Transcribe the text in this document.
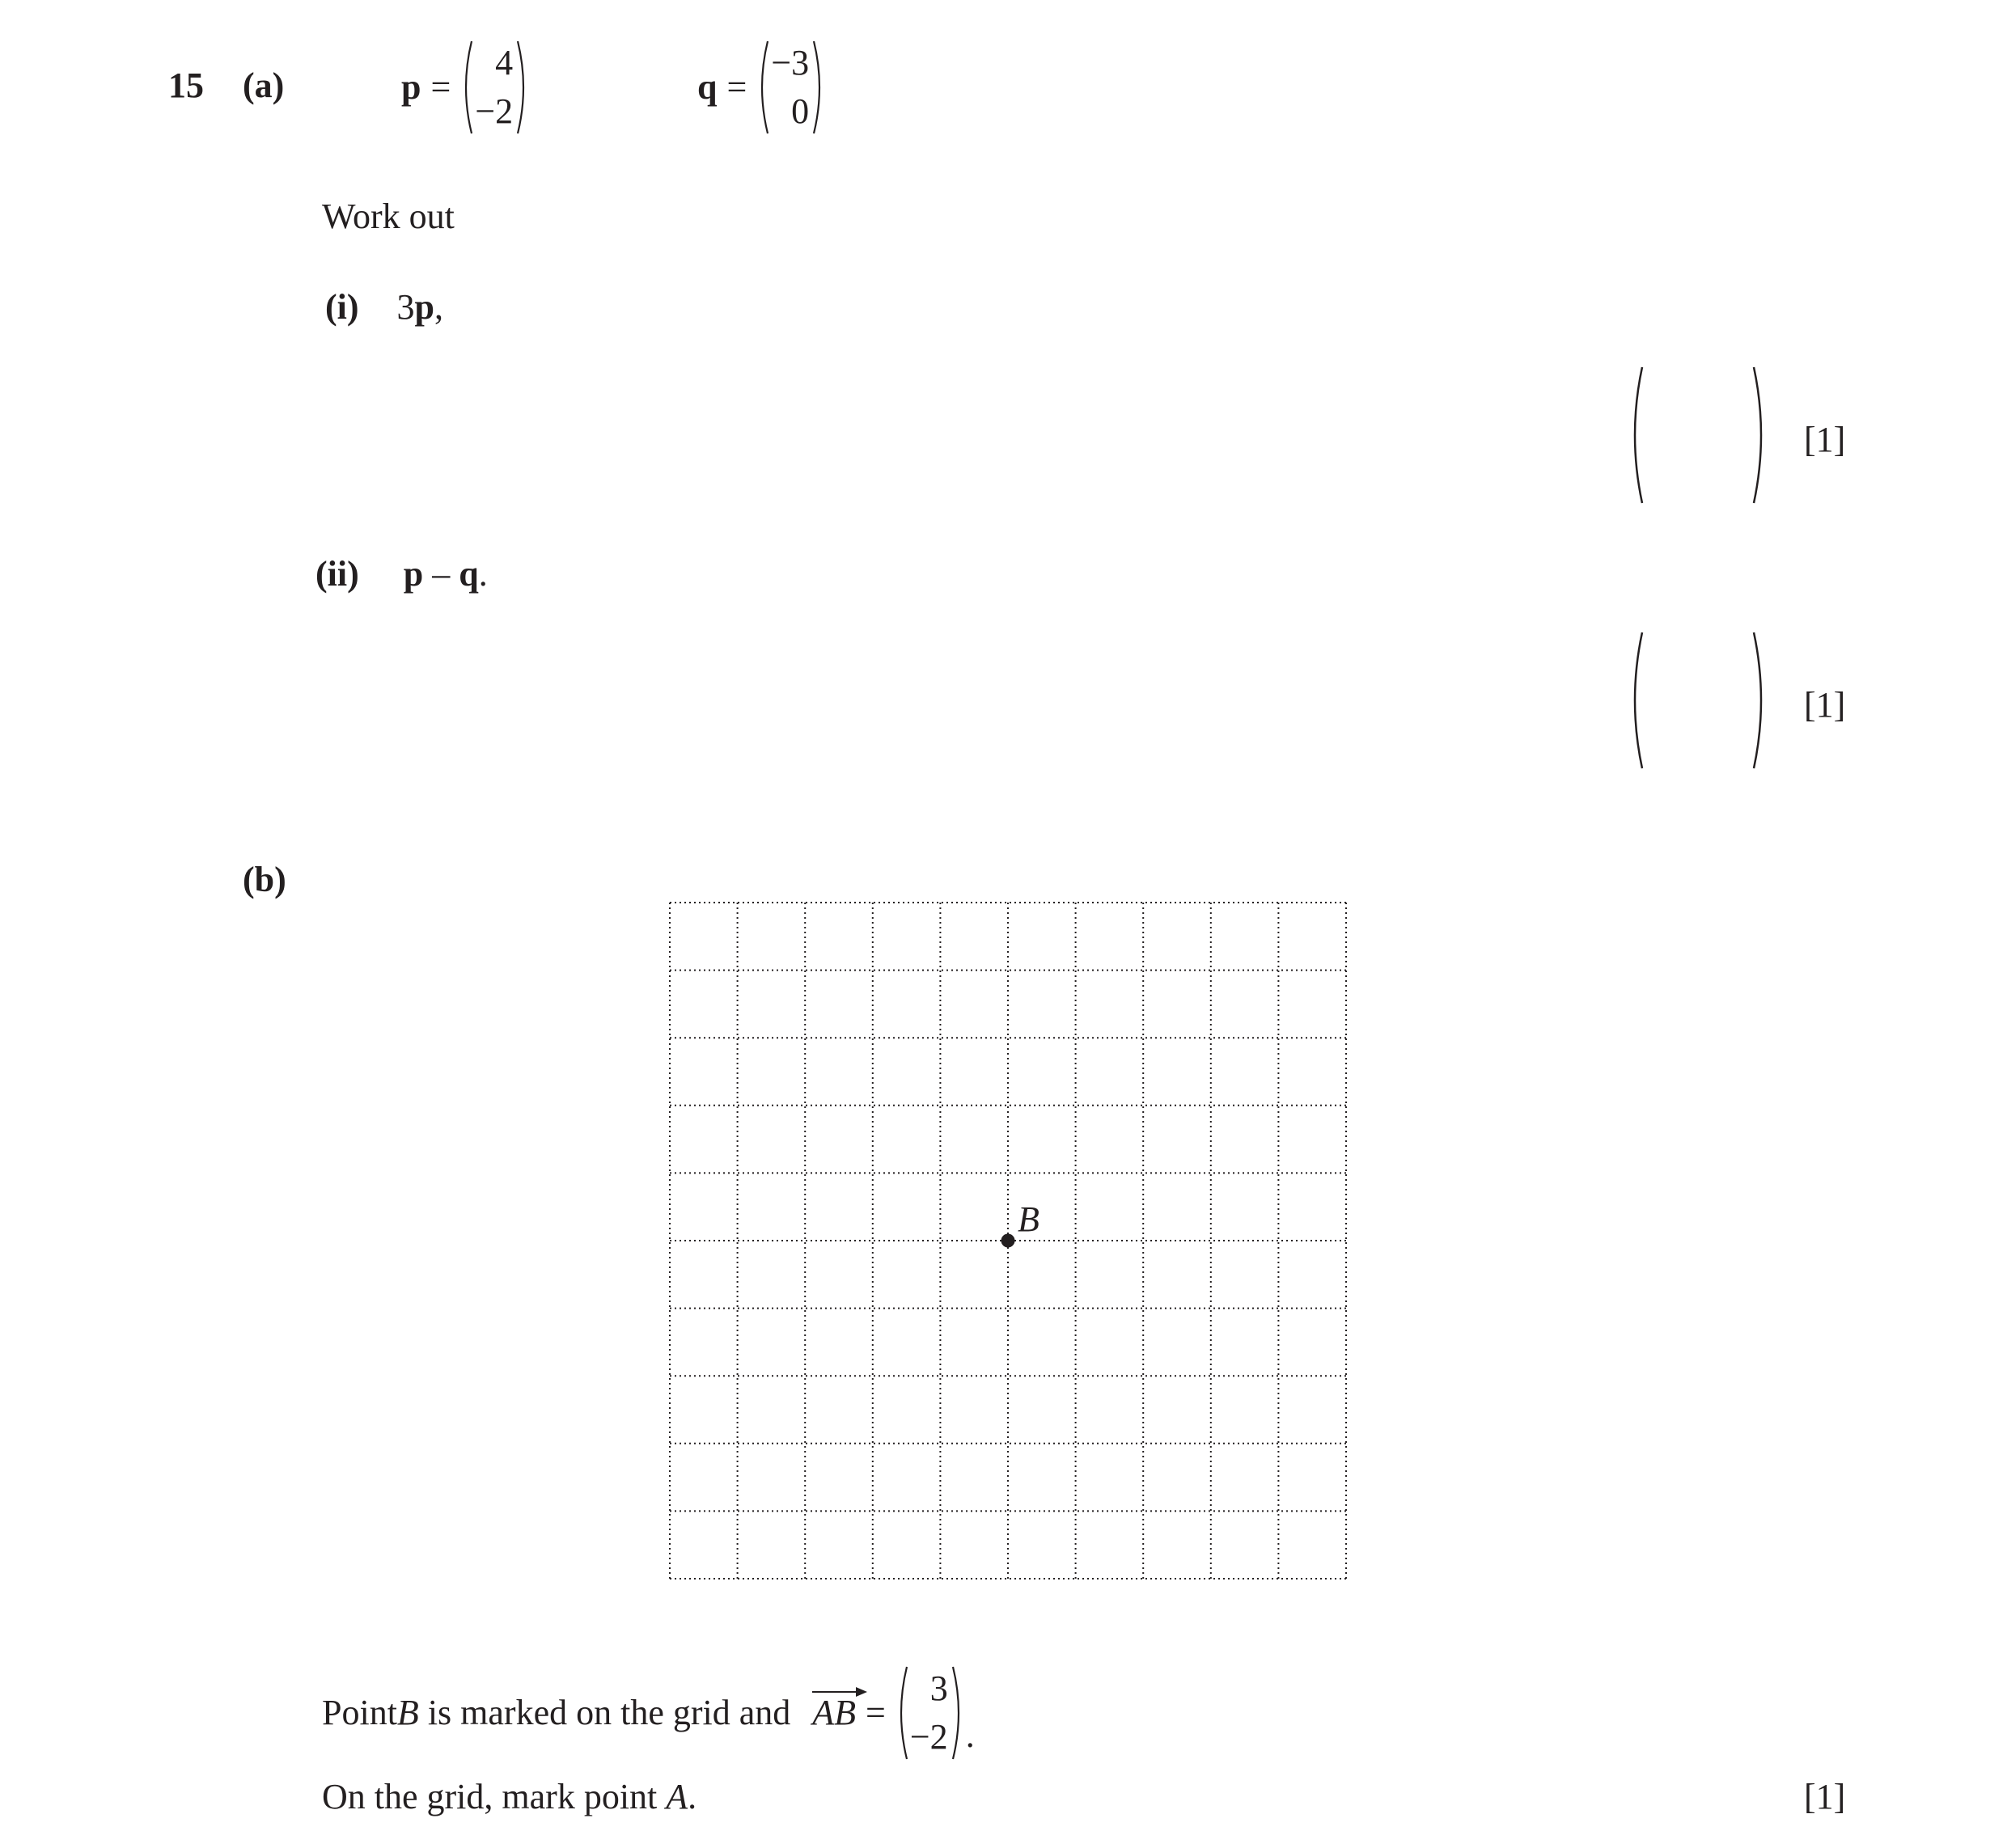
15 (a)	p =
4
−2
q =
−3
0
Work out
(i) 3p,
[1]
(ii) p – q.
[1]
(b)
B
Point B is marked on the grid and AB =
3
−2 .
On the grid, mark point A.	[1]
